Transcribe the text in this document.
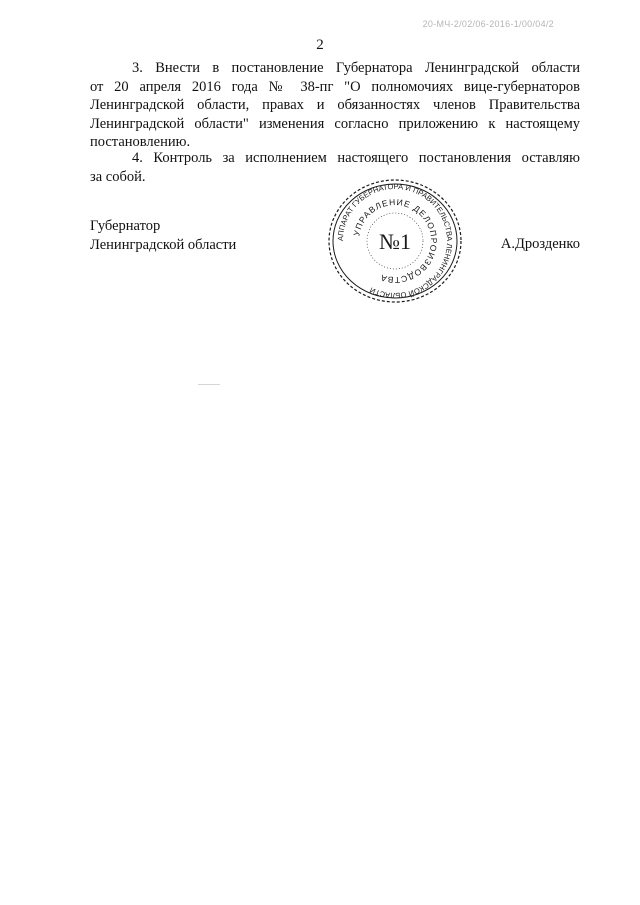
20-МЧ-2/02/06-2016-1/00/04/2
2
3. Внести в постановление Губернатора Ленинградской области
от 20 апреля 2016 года № 38-пг "О полномочиях вице-губернаторов
Ленинградской области, правах и обязанностях членов Правительства
Ленинградской области" изменения согласно приложению к настоящему
постановлению.
4. Контроль за исполнением настоящего постановления оставляю
за собой.
Губернатор
Ленинградской области	АППАРАТ ГУБЕРНАТОРА И ПРАВИТЕЛЬСТВА ЛЕНИНГРАДСКОЙ ОБЛАСТИ
УПРАВЛЕНИЕ ДЕЛОПРОИЗВОДСТВА
№1	А.Дрозденко
